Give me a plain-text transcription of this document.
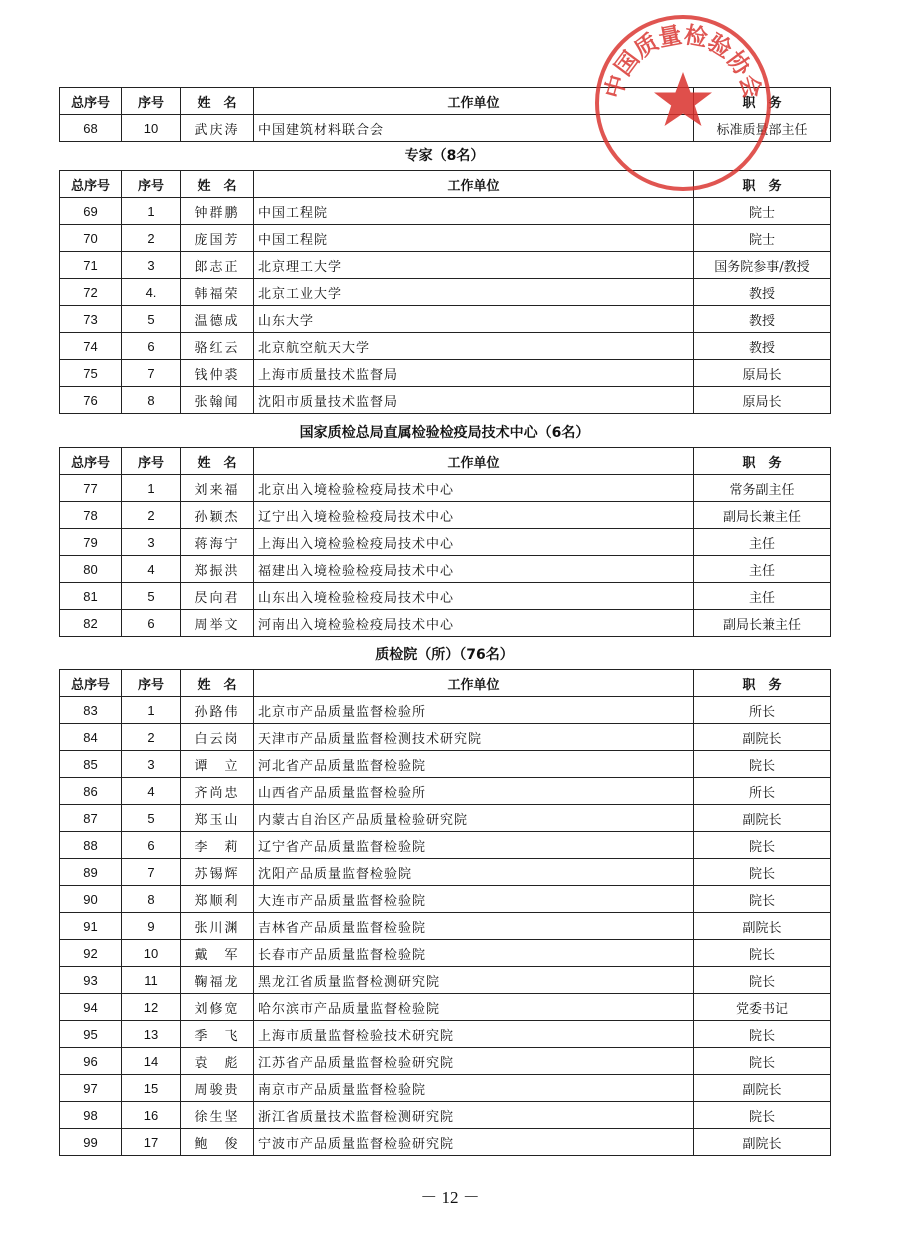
总序号	序号	姓　名	工作单位	职　务
68	10	武庆涛	中国建筑材料联合会	标准质量部主任
专家（8名）
总序号	序号	姓　名	工作单位	职　务
69	1	钟群鹏	中国工程院	院士
70	2	庞国芳	中国工程院	院士
71	3	郎志正	北京理工大学	国务院参事/教授
72	4.	韩福荣	北京工业大学	教授
73	5	温德成	山东大学	教授
74	6	骆红云	北京航空航天大学	教授
75	7	钱仲裘	上海市质量技术监督局	原局长
76	8	张翰闻	沈阳市质量技术监督局	原局长
国家质检总局直属检验检疫局技术中心（6名）
总序号	序号	姓　名	工作单位	职　务
77	1	刘来福	北京出入境检验检疫局技术中心	常务副主任
78	2	孙颖杰	辽宁出入境检验检疫局技术中心	副局长兼主任
79	3	蒋海宁	上海出入境检验检疫局技术中心	主任
80	4	郑振洪	福建出入境检验检疫局技术中心	主任
81	5	昃向君	山东出入境检验检疫局技术中心	主任
82	6	周举文	河南出入境检验检疫局技术中心	副局长兼主任
质检院（所）（76名）
总序号	序号	姓　名	工作单位	职　务
83	1	孙路伟	北京市产品质量监督检验所	所长
84	2	白云岗	天津市产品质量监督检测技术研究院	副院长
85	3	谭　立	河北省产品质量监督检验院	院长
86	4	齐尚忠	山西省产品质量监督检验所	所长
87	5	郑玉山	内蒙古自治区产品质量检验研究院	副院长
88	6	李　莉	辽宁省产品质量监督检验院	院长
89	7	苏锡辉	沈阳产品质量监督检验院	院长
90	8	郑顺利	大连市产品质量监督检验院	院长
91	9	张川渊	吉林省产品质量监督检验院	副院长
92	10	戴　军	长春市产品质量监督检验院	院长
93	11	鞠福龙	黑龙江省质量监督检测研究院	院长
94	12	刘修宽	哈尔滨市产品质量监督检验院	党委书记
95	13	季　飞	上海市质量监督检验技术研究院	院长
96	14	袁　彪	江苏省产品质量监督检验研究院	院长
97	15	周骏贵	南京市产品质量监督检验院	副院长
98	16	徐生坚	浙江省质量技术监督检测研究院	院长
99	17	鲍　俊	宁波市产品质量监督检验研究院	副院长
中国质量检验协会
－ 12 －
